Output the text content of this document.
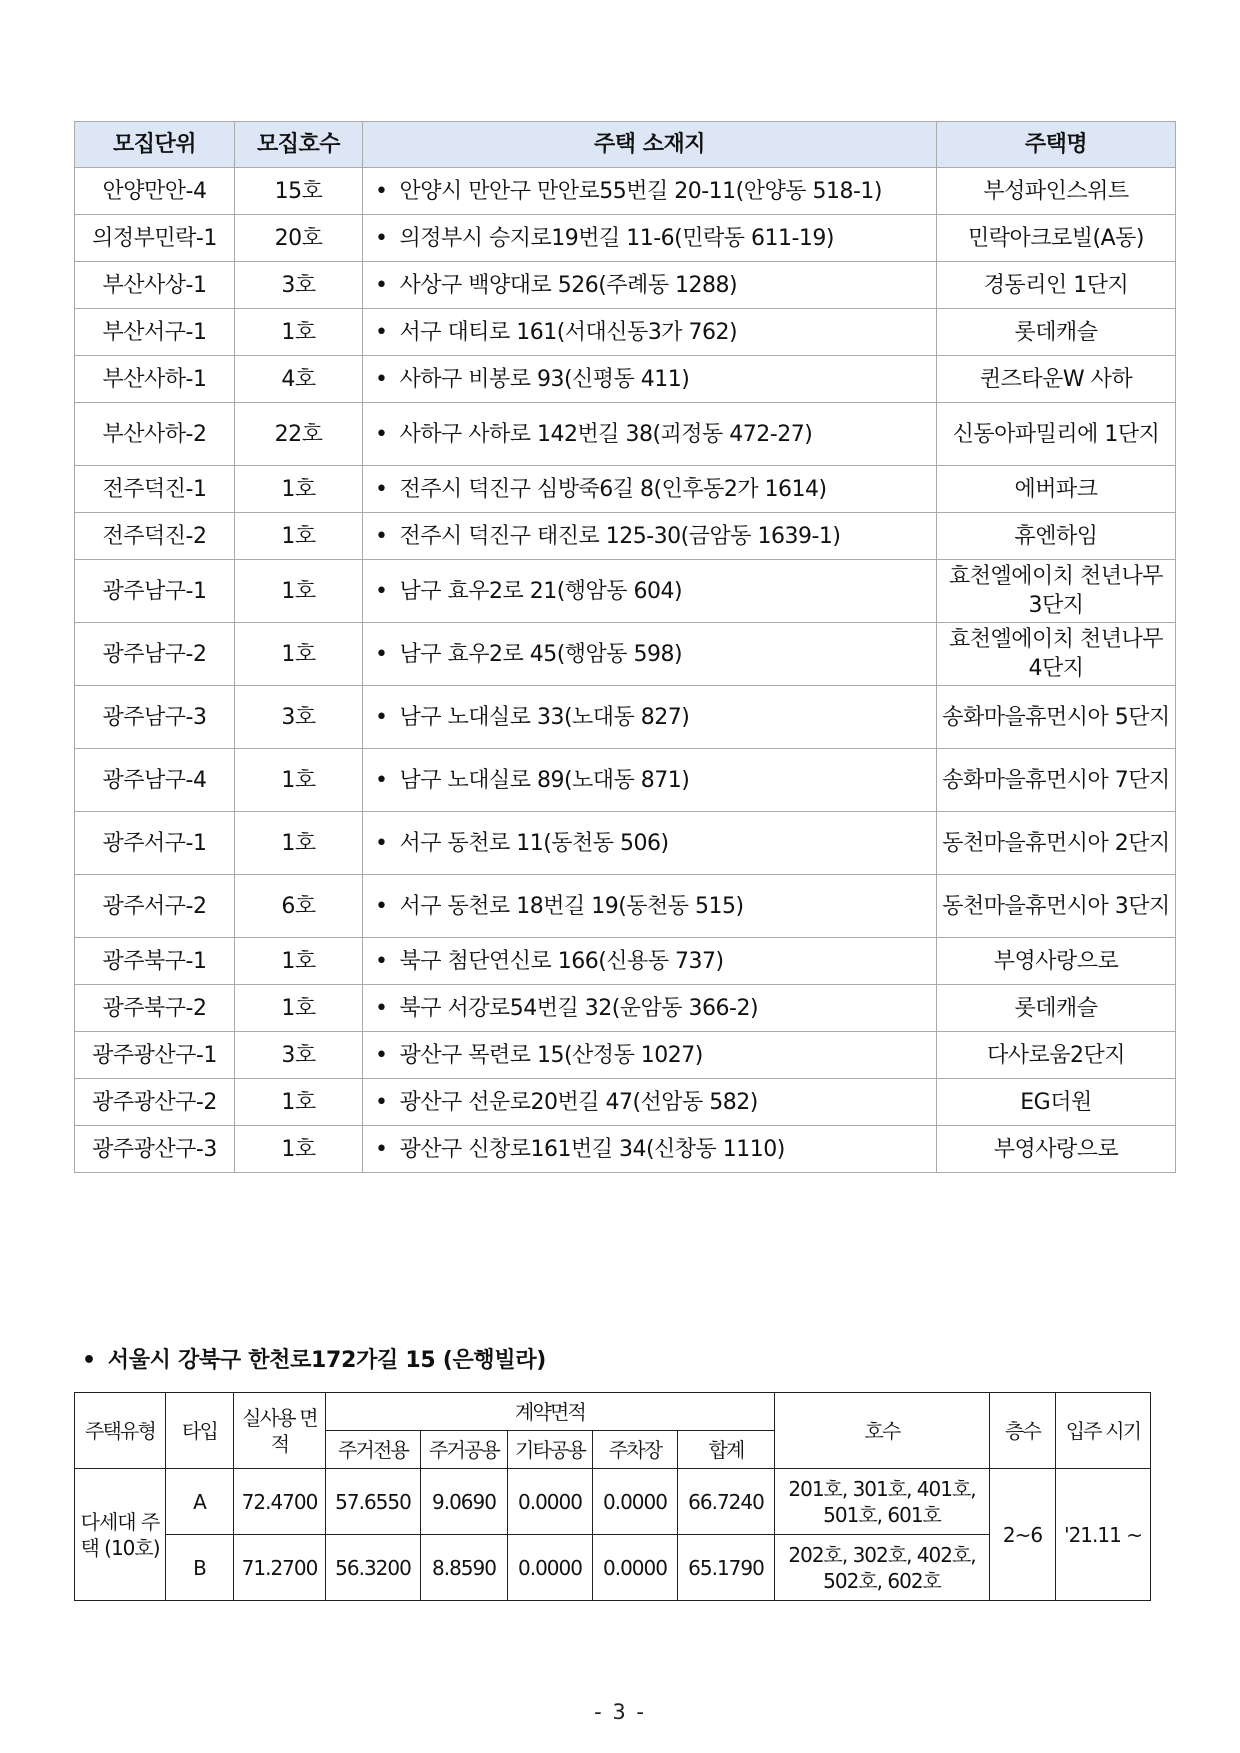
모집단위	모집호수	주택 소재지	주택명
안양만안-4	15호	• 안양시 만안구 만안로55번길 20-11(안양동 518-1)	부성파인스위트
의정부민락-1	20호	• 의정부시 승지로19번길 11-6(민락동 611-19)	민락아크로빌(A동)
부산사상-1	3호	• 사상구 백양대로 526(주례동 1288)	경동리인 1단지
부산서구-1	1호	• 서구 대티로 161(서대신동3가 762)	롯데캐슬
부산사하-1	4호	• 사하구 비봉로 93(신평동 411)	퀸즈타운W 사하
부산사하-2	22호	• 사하구 사하로 142번길 38(괴정동 472-27)	신동아파밀리에 1단지
전주덕진-1	1호	• 전주시 덕진구 심방죽6길 8(인후동2가 1614)	에버파크
전주덕진-2	1호	• 전주시 덕진구 태진로 125-30(금암동 1639-1)	휴엔하임
광주남구-1	1호	• 남구 효우2로 21(행암동 604)	효천엘에이치 천년나무 3단지
광주남구-2	1호	• 남구 효우2로 45(행암동 598)	효천엘에이치 천년나무 4단지
광주남구-3	3호	• 남구 노대실로 33(노대동 827)	송화마을휴먼시아 5단지
광주남구-4	1호	• 남구 노대실로 89(노대동 871)	송화마을휴먼시아 7단지
광주서구-1	1호	• 서구 동천로 11(동천동 506)	동천마을휴먼시아 2단지
광주서구-2	6호	• 서구 동천로 18번길 19(동천동 515)	동천마을휴먼시아 3단지
광주북구-1	1호	• 북구 첨단연신로 166(신용동 737)	부영사랑으로
광주북구-2	1호	• 북구 서강로54번길 32(운암동 366-2)	롯데캐슬
광주광산구-1	3호	• 광산구 목련로 15(산정동 1027)	다사로움2단지
광주광산구-2	1호	• 광산구 선운로20번길 47(선암동 582)	EG더원
광주광산구-3	1호	• 광산구 신창로161번길 34(신창동 1110)	부영사랑으로
• 서울시 강북구 한천로172가길 15 (은행빌라)
주택유형	타입	실사용 면적	계약면적					호수	층수	입주 시기
			주거전용	주거공용	기타공용	주차장	합계			
다세대 주택 (10호)	A	72.4700	57.6550	9.0690	0.0000	0.0000	66.7240	201호, 301호, 401호, 501호, 601호	2~6	'21.11 ~
	B	71.2700	56.3200	8.8590	0.0000	0.0000	65.1790	202호, 302호, 402호, 502호, 602호		
- 3 -
